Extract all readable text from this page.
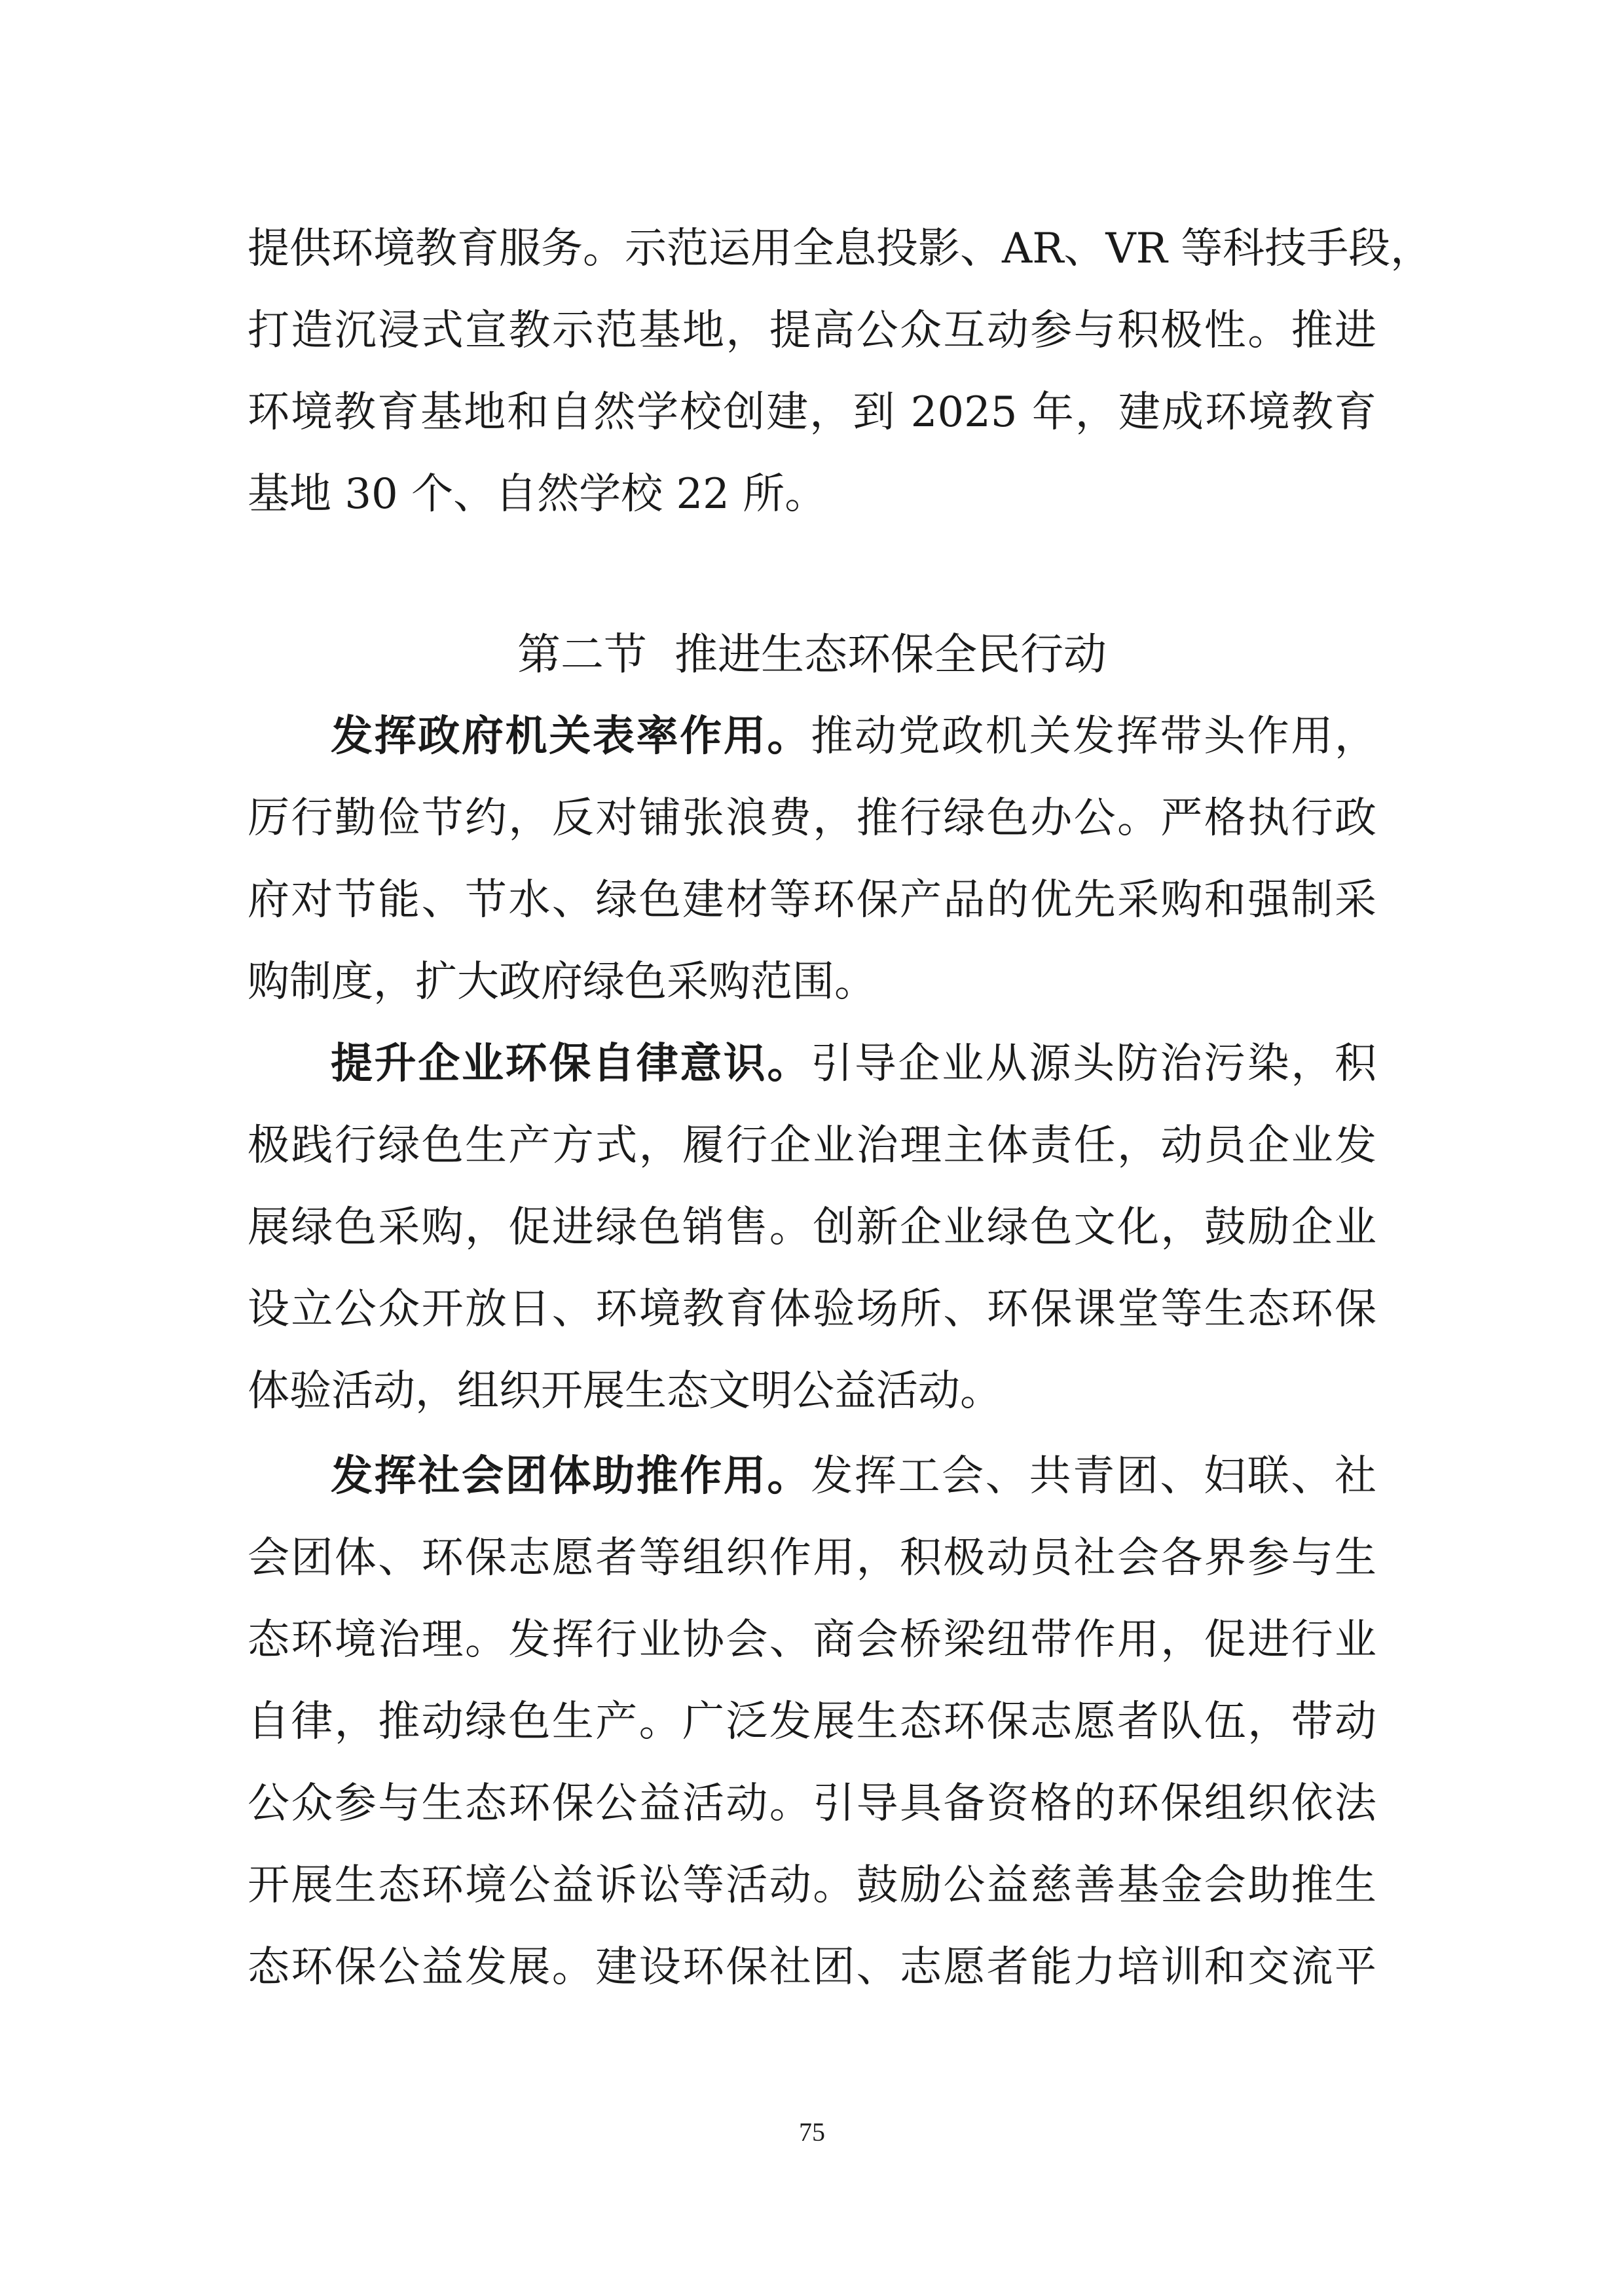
提供环境教育服务。示范运用全息投影、AR、VR 等科技手段，
打造沉浸式宣教示范基地，提高公众互动参与积极性。推进
环境教育基地和自然学校创建，到 2025 年，建成环境教育
基地 30 个、自然学校 22 所。
第二节  推进生态环保全民行动
发挥政府机关表率作用。推动党政机关发挥带头作用，
厉行勤俭节约，反对铺张浪费，推行绿色办公。严格执行政
府对节能、节水、绿色建材等环保产品的优先采购和强制采
购制度，扩大政府绿色采购范围。
提升企业环保自律意识。引导企业从源头防治污染，积
极践行绿色生产方式，履行企业治理主体责任，动员企业发
展绿色采购，促进绿色销售。创新企业绿色文化，鼓励企业
设立公众开放日、环境教育体验场所、环保课堂等生态环保
体验活动，组织开展生态文明公益活动。
发挥社会团体助推作用。发挥工会、共青团、妇联、社
会团体、环保志愿者等组织作用，积极动员社会各界参与生
态环境治理。发挥行业协会、商会桥梁纽带作用，促进行业
自律，推动绿色生产。广泛发展生态环保志愿者队伍，带动
公众参与生态环保公益活动。引导具备资格的环保组织依法
开展生态环境公益诉讼等活动。鼓励公益慈善基金会助推生
态环保公益发展。建设环保社团、志愿者能力培训和交流平
75
